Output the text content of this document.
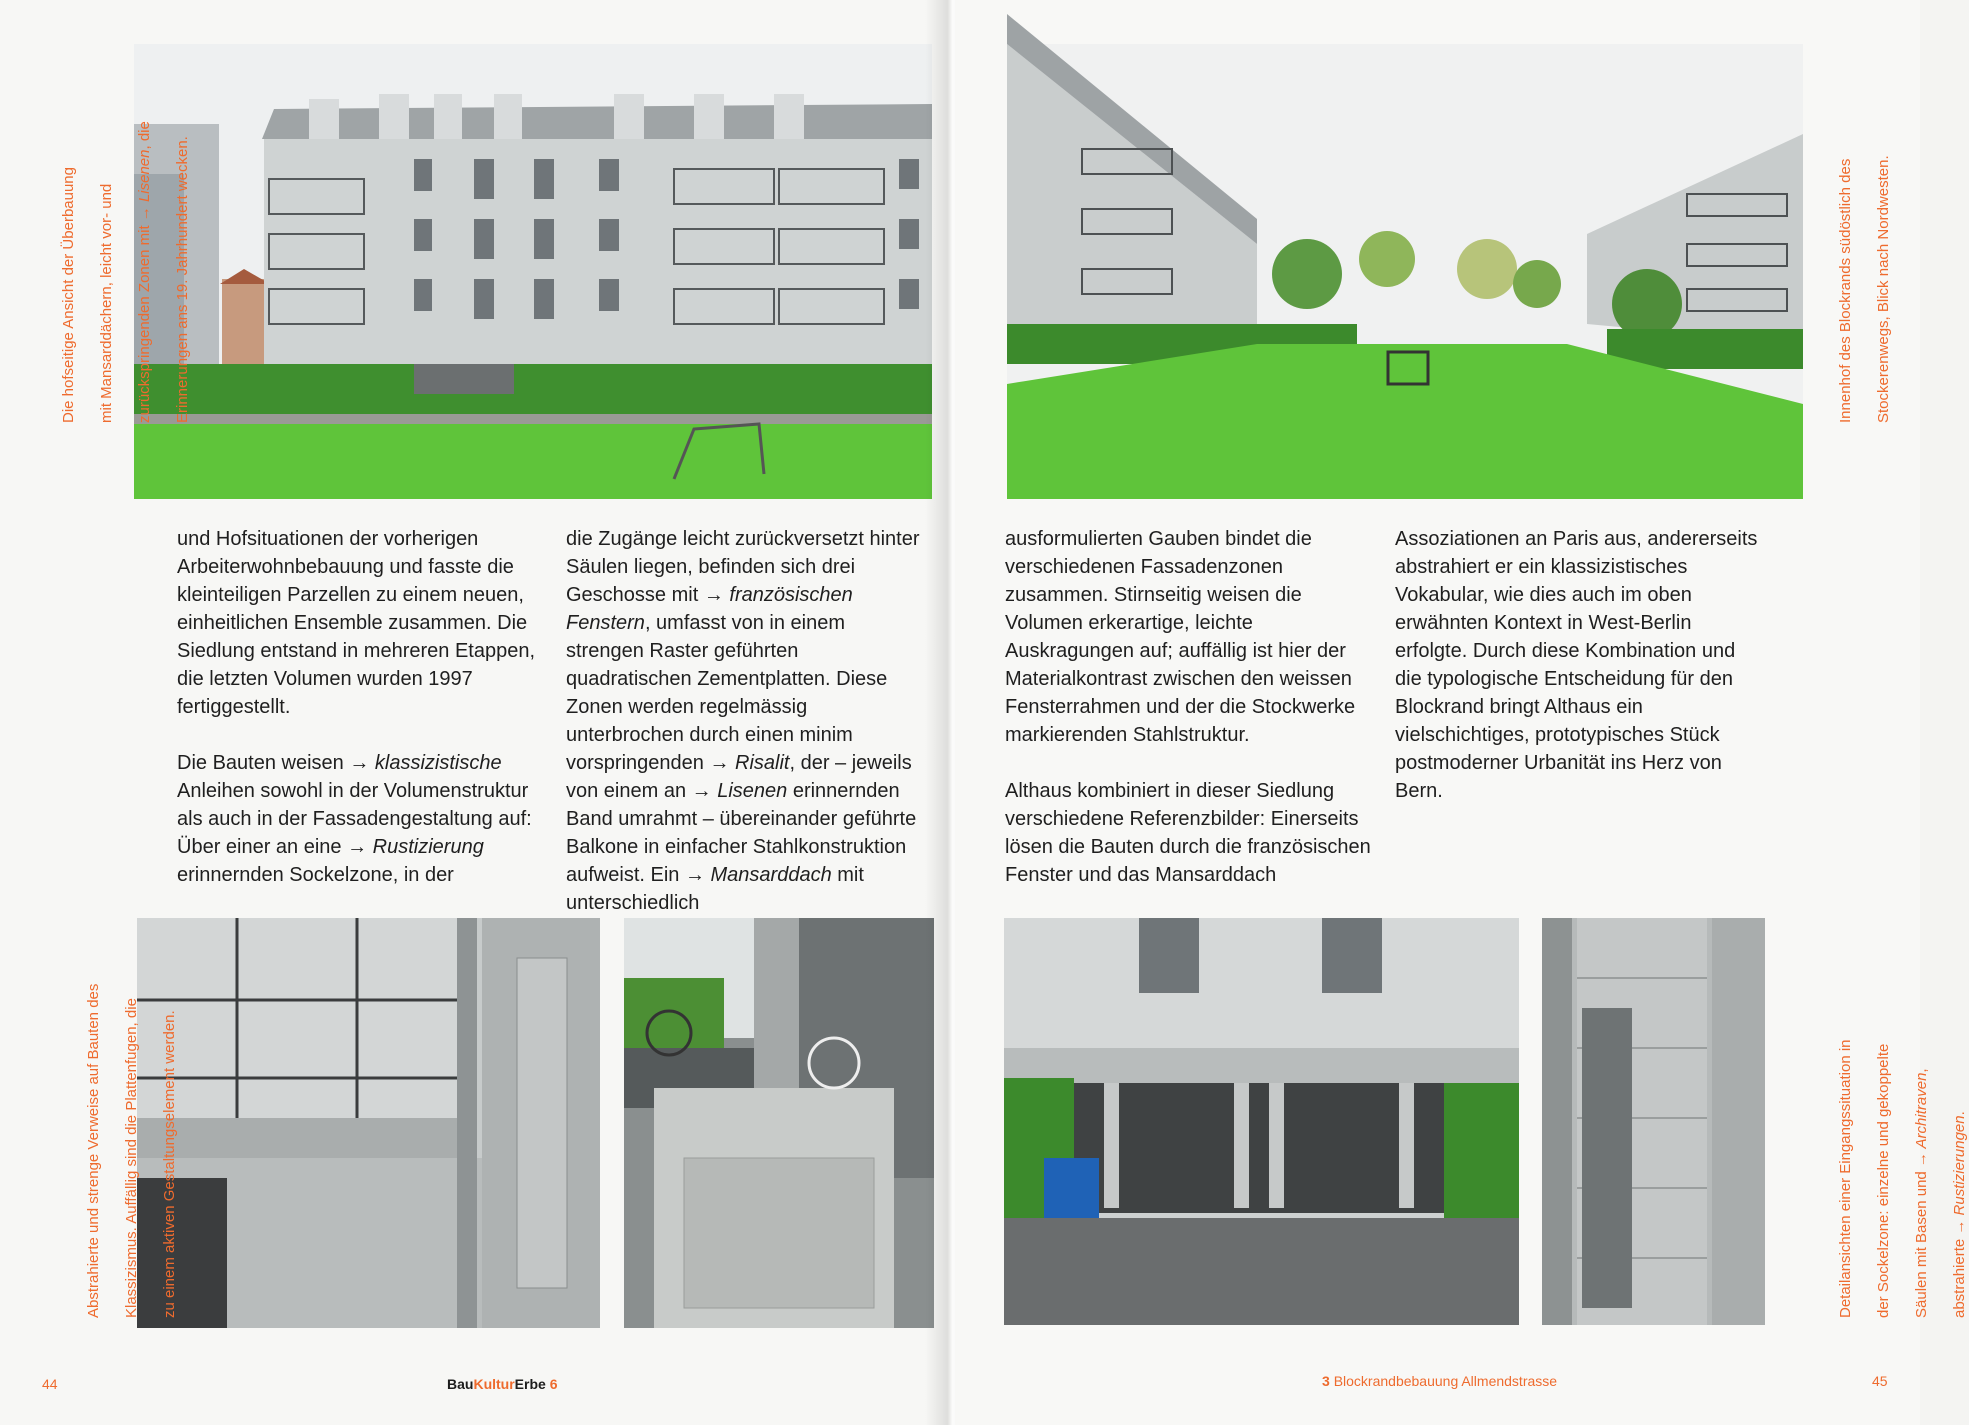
Die hofseitige Ansicht der Überbauung mit Mansarddächern, leicht vor- und zurückspringenden Zonen mit → Lisenen, die

Erinnerungen ans 19. Jahrhundert wecken.

und Hofsituationen der vorherigen Arbeiterwohnbebauung und fasste die kleinteiligen Parzellen zu einem neuen, einheitlichen Ensemble zusammen. Die Siedlung entstand in mehreren Etappen, die letzten Volumen wurden 1997 fertiggestellt.

Die Bauten weisen → klassizistische Anleihen sowohl in der Volumenstruktur als auch in der Fassadengestaltung auf: Über einer an eine → Rustizierung erinnernden Sockelzone, in der

die Zugänge leicht zurückversetzt hinter Säulen liegen, befinden sich drei Geschosse mit → französischen Fenstern, umfasst von in einem strengen Raster geführten quadratischen Zementplatten. Diese Zonen werden regelmässig unterbrochen durch einen minim vorspringenden → Risalit, der – jeweils von einem an → Lisenen erinnernden Band umrahmt – übereinander geführte Balkone in einfacher Stahlkonstruktion aufweist. Ein → Mansarddach mit unterschiedlich

44	BauKulturErbe 6

Abstrahierte und strenge Verweise auf Bauten des Klassizismus. Auffällig sind die Plattenfugen, die zu einem aktiven Gestaltungselement werden.

Innenhof des Blockrands südöstlich des Stockerenwegs, Blick nach Nordwesten.

ausformulierten Gauben bindet die verschiedenen Fassadenzonen zusammen. Stirnseitig weisen die Volumen erkerartige, leichte Auskragungen auf; auffällig ist hier der Materialkontrast zwischen den weissen Fensterrahmen und der die Stockwerke markierenden Stahlstruktur.

Althaus kombiniert in dieser Siedlung verschiedene Referenzbilder: Einerseits lösen die Bauten durch die französischen Fenster und das Mansarddach

Assoziationen an Paris aus, andererseits abstrahiert er ein klassizistisches Vokabular, wie dies auch im oben erwähnten Kontext in West-Berlin erfolgte. Durch diese Kombination und die typologische Entscheidung für den Blockrand bringt Althaus ein vielschichtiges, prototypisches Stück postmoderner Urbanität ins Herz von Bern.

Detailansichten einer Eingangssituation in der Sockelzone: einzelne und gekoppelte Säulen mit Basen und → Architraven,

abstrahierte → Rustizierungen.

3 Blockrandbebauung Allmendstrasse	45
